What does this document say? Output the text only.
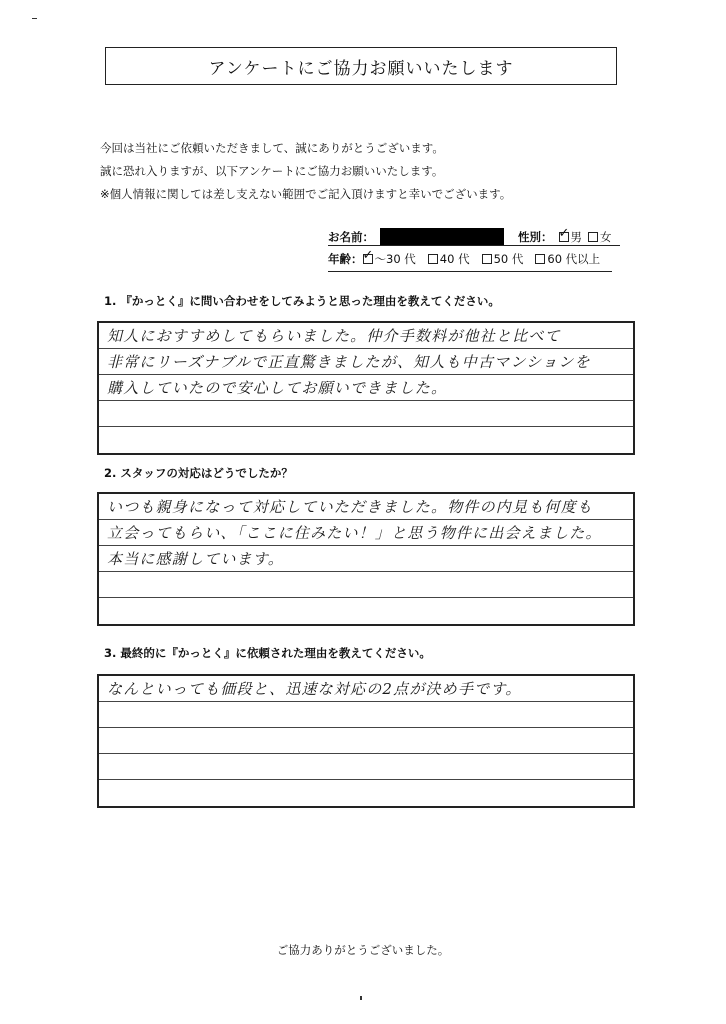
アンケートにご協力お願いいたします
今回は当社にご依頼いただきまして、誠にありがとうございます。
誠に恐れ入りますが、以下アンケートにご協力お願いいたします。
※個人情報に関しては差し支えない範囲でご記入頂けますと幸いでございます。
お名前：	性別： ✓ 男 女
年齢： ✓ ～30 代 40 代 50 代 60 代以上
1. 『かっとく』に問い合わせをしてみようと思った理由を教えてください。
知人におすすめしてもらいました。仲介手数料が他社と比べて
非常にリーズナブルで正直驚きましたが、知人も中古マンションを
購入していたので安心してお願いできました。
2. スタッフの対応はどうでしたか？
いつも親身になって対応していただきました。物件の内見も何度も
立会ってもらい、「ここに住みたい！」と思う物件に出会えました。
本当に感謝しています。
3. 最終的に『かっとく』に依頼された理由を教えてください。
なんといっても価段と、迅速な対応の2点が決め手です。
ご協力ありがとうございました。
